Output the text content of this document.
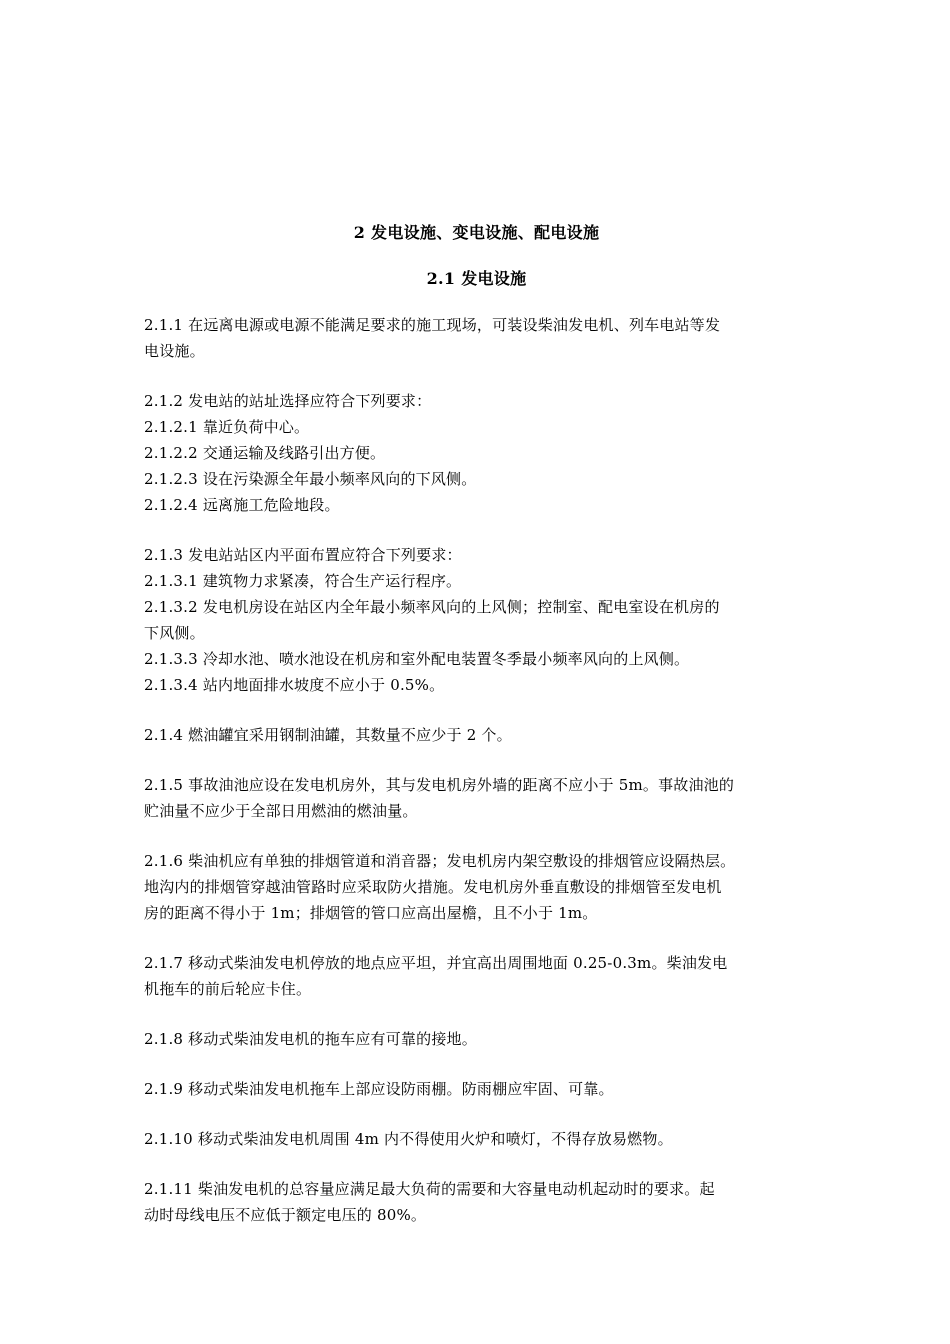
2 发电设施、变电设施、配电设施
2.1 发电设施
2.1.1 在远离电源或电源不能满足要求的施工现场，可装设柴油发电机、列车电站等发
电设施。
2.1.2 发电站的站址选择应符合下列要求：
2.1.2.1 靠近负荷中心。
2.1.2.2 交通运输及线路引出方便。
2.1.2.3 设在污染源全年最小频率风向的下风侧。
2.1.2.4 远离施工危险地段。
2.1.3 发电站站区内平面布置应符合下列要求：
2.1.3.1 建筑物力求紧凑，符合生产运行程序。
2.1.3.2 发电机房设在站区内全年最小频率风向的上风侧；控制室、配电室设在机房的
下风侧。
2.1.3.3 冷却水池、喷水池设在机房和室外配电装置冬季最小频率风向的上风侧。
2.1.3.4 站内地面排水坡度不应小于 0.5%。
2.1.4 燃油罐宜采用钢制油罐，其数量不应少于 2 个。
2.1.5 事故油池应设在发电机房外，其与发电机房外墙的距离不应小于 5m。事故油池的
贮油量不应少于全部日用燃油的燃油量。
2.1.6 柴油机应有单独的排烟管道和消音器；发电机房内架空敷设的排烟管应设隔热层。
地沟内的排烟管穿越油管路时应采取防火措施。发电机房外垂直敷设的排烟管至发电机
房的距离不得小于 1m；排烟管的管口应高出屋檐，且不小于 1m。
2.1.7 移动式柴油发电机停放的地点应平坦，并宜高出周围地面 0.25-0.3m。柴油发电
机拖车的前后轮应卡住。
2.1.8 移动式柴油发电机的拖车应有可靠的接地。
2.1.9 移动式柴油发电机拖车上部应设防雨棚。防雨棚应牢固、可靠。
2.1.10 移动式柴油发电机周围 4m 内不得使用火炉和喷灯，不得存放易燃物。
2.1.11 柴油发电机的总容量应满足最大负荷的需要和大容量电动机起动时的要求。起
动时母线电压不应低于额定电压的 80%。
